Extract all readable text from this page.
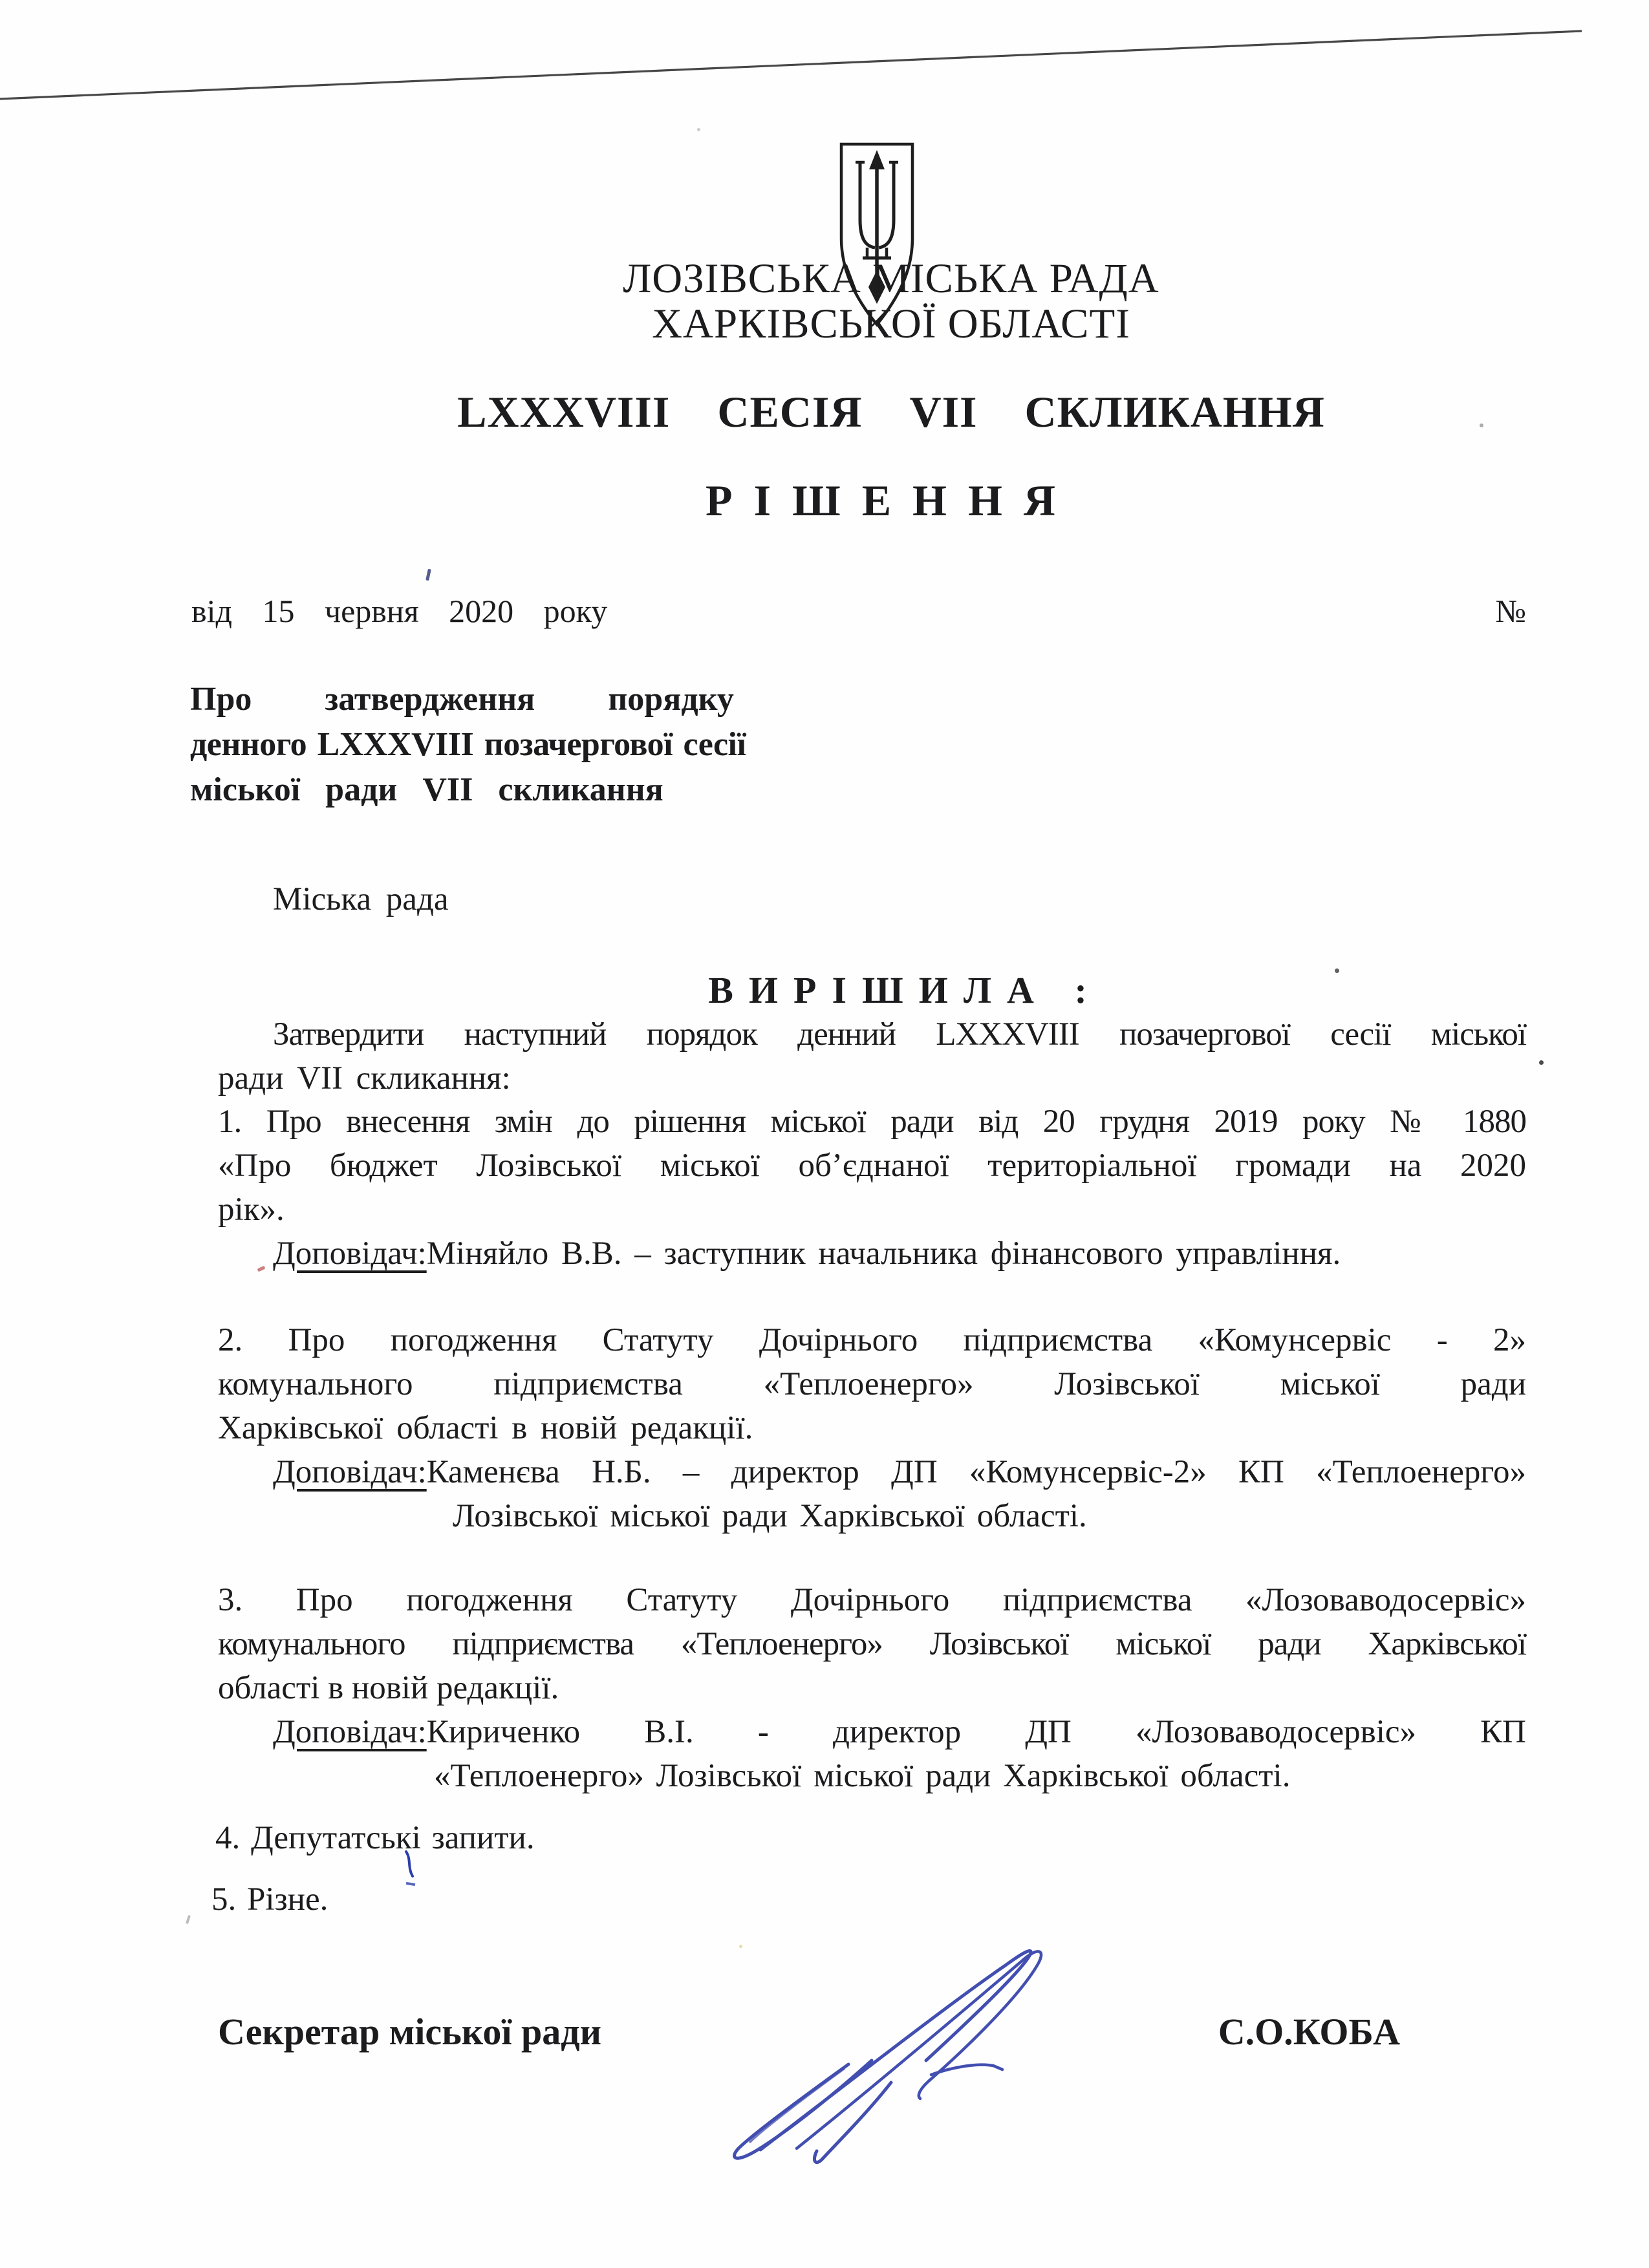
ЛОЗІВСЬКА МІСЬКА РАДА
ХАРКІВСЬКОЇ ОБЛАСТІ
LXXXVIII СЕСІЯ VII СКЛИКАННЯ
РІШЕННЯ
від 15 червня 2020 року	№
Про затвердження порядку
денного LXXXVIII позачергової сесії
міської ради VII скликання
Міська рада
ВИРІШИЛА :
Затвердити наступний порядок денний LXXXVIII позачергової сесії міської
ради VII скликання:
1. Про внесення змін до рішення міської ради від 20 грудня 2019 року № 1880
«Про бюджет Лозівської міської об’єднаної територіальної громади на 2020
рік».
Доповідач:Міняйло В.В. – заступник начальника фінансового управління.
2. Про погодження Статуту Дочірнього підприємства «Комунсервіс - 2»
комунального підприємства «Теплоенерго» Лозівської міської ради
Харківської області в новій редакції.
Доповідач:Каменєва Н.Б. – директор ДП «Комунсервіс-2» КП «Теплоенерго»
Лозівської міської ради Харківської області.
3. Про погодження Статуту Дочірнього підприємства «Лозоваводосервіс»
комунального підприємства «Теплоенерго» Лозівської міської ради Харківської
області в новій редакції.
Доповідач:Кириченко В.І. - директор ДП «Лозоваводосервіс» КП
«Теплоенерго» Лозівської міської ради Харківської області.
4. Депутатські запити.
5. Різне.
Секретар міської ради	С.О.КОБА
